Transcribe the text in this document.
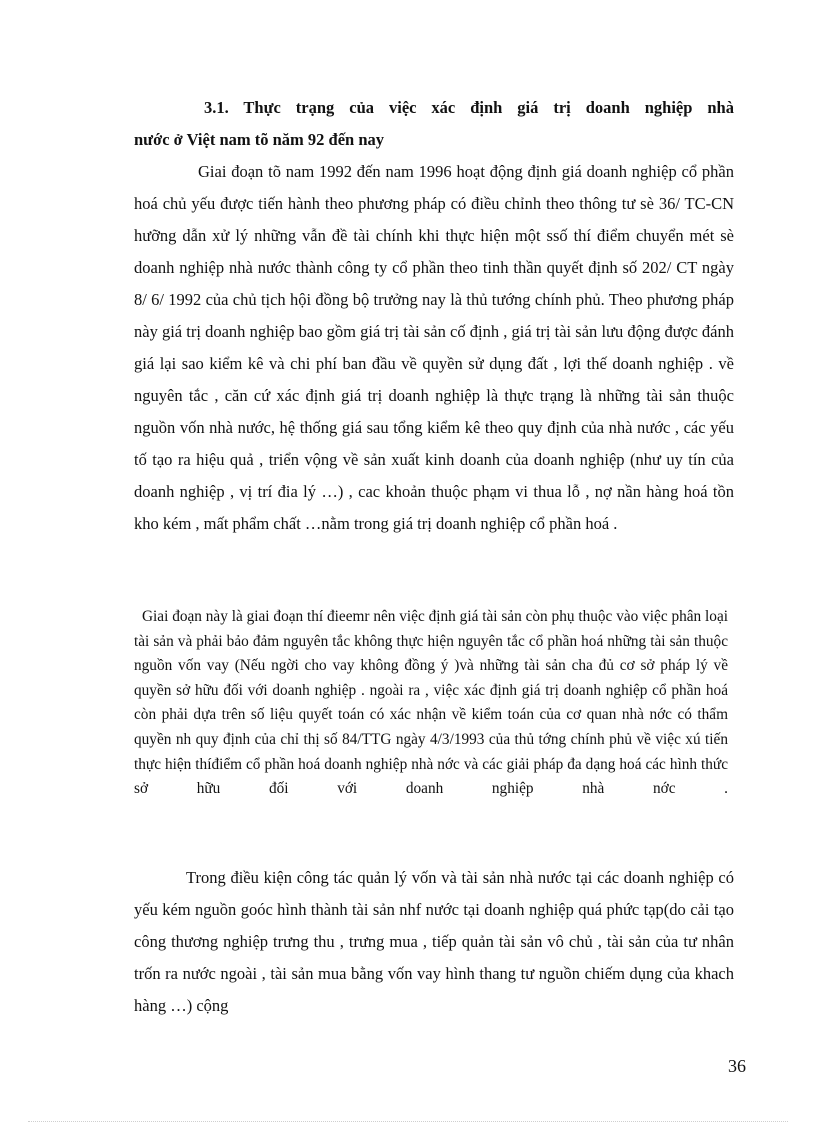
3.1. Thực trạng của việc xác định giá trị doanh nghiệp nhà
nước ở Việt nam tõ năm 92 đến nay

Giai đoạn tõ nam 1992 đến nam 1996 hoạt động định giá doanh nghiệp cổ phần hoá chủ yếu được tiến hành theo phương pháp có điều chỉnh theo thông tư sè 36/ TC-CN hưỡng dẫn xử lý những vẫn đề tài chính khi thực hiện một ssố thí điểm chuyển mét sè doanh nghiệp nhà nước thành công ty cổ phần theo tinh thần quyết định số 202/ CT ngày 8/ 6/ 1992 của chủ tịch hội đồng bộ trưởng nay là thủ tướng chính phủ. Theo phương pháp này giá trị doanh nghiệp bao gồm giá trị tài sản cố định , giá trị tài sản lưu động được đánh giá lại sao kiểm kê và chi phí ban đầu về quyền sử dụng đất , lợi thế doanh nghiệp . về nguyên tắc , căn cứ xác định giá trị doanh nghiệp là thực trạng là những tài sản thuộc nguồn vốn nhà nước, hệ thống giá sau tổng kiểm kê theo quy định của nhà nước , các yếu tố tạo ra hiệu quả , triển vộng về sản xuất kinh doanh của doanh nghiệp (như uy tín của doanh nghiệp , vị trí đia lý …) , cac khoản thuộc phạm vi thua lỗ , nợ nần hàng hoá tồn kho kém , mất phẩm chất …nằm trong giá trị doanh nghiệp cổ phần hoá .

Giai đoạn này là giai đoạn thí đieemr nên việc định giá tài sản còn phụ thuộc vào việc phân loại tài sản và phải bảo đảm nguyên tắc không thực hiện nguyên tắc cổ phần hoá những tài sản thuộc nguồn vốn vay (Nếu ngời cho vay không đồng ý )và những tài sản cha đủ cơ sở pháp lý về quyền sở hữu đối với doanh nghiệp . ngoài ra , việc xác định giá trị doanh nghiệp cổ phần hoá còn phải dựa trên số liệu quyết toán có xác nhận về kiểm toán của cơ quan nhà nớc có thẩm quyền nh quy định của chỉ thị số 84/TTG ngày 4/3/1993 của thủ tớng chính phủ về việc xú tiến thực hiện thíđiểm cổ phần hoá doanh nghiệp nhà nớc và các giải pháp đa dạng hoá các hình thức sở hữu đối với doanh nghiệp nhà nớc .

Trong điều kiện công tác quản lý vốn và tài sản nhà nước tại các doanh nghiệp có yếu kém nguồn goóc hình thành tài sản nhf nước tại doanh nghiệp quá phức tạp(do cải tạo công thương nghiệp trưng thu , trưng mua , tiếp quản tài sản vô chủ , tài sản của tư nhân trốn ra nước ngoài , tài sản mua bằng vốn vay hình thang tư nguồn chiếm dụng của khach hàng …) cộng

36
